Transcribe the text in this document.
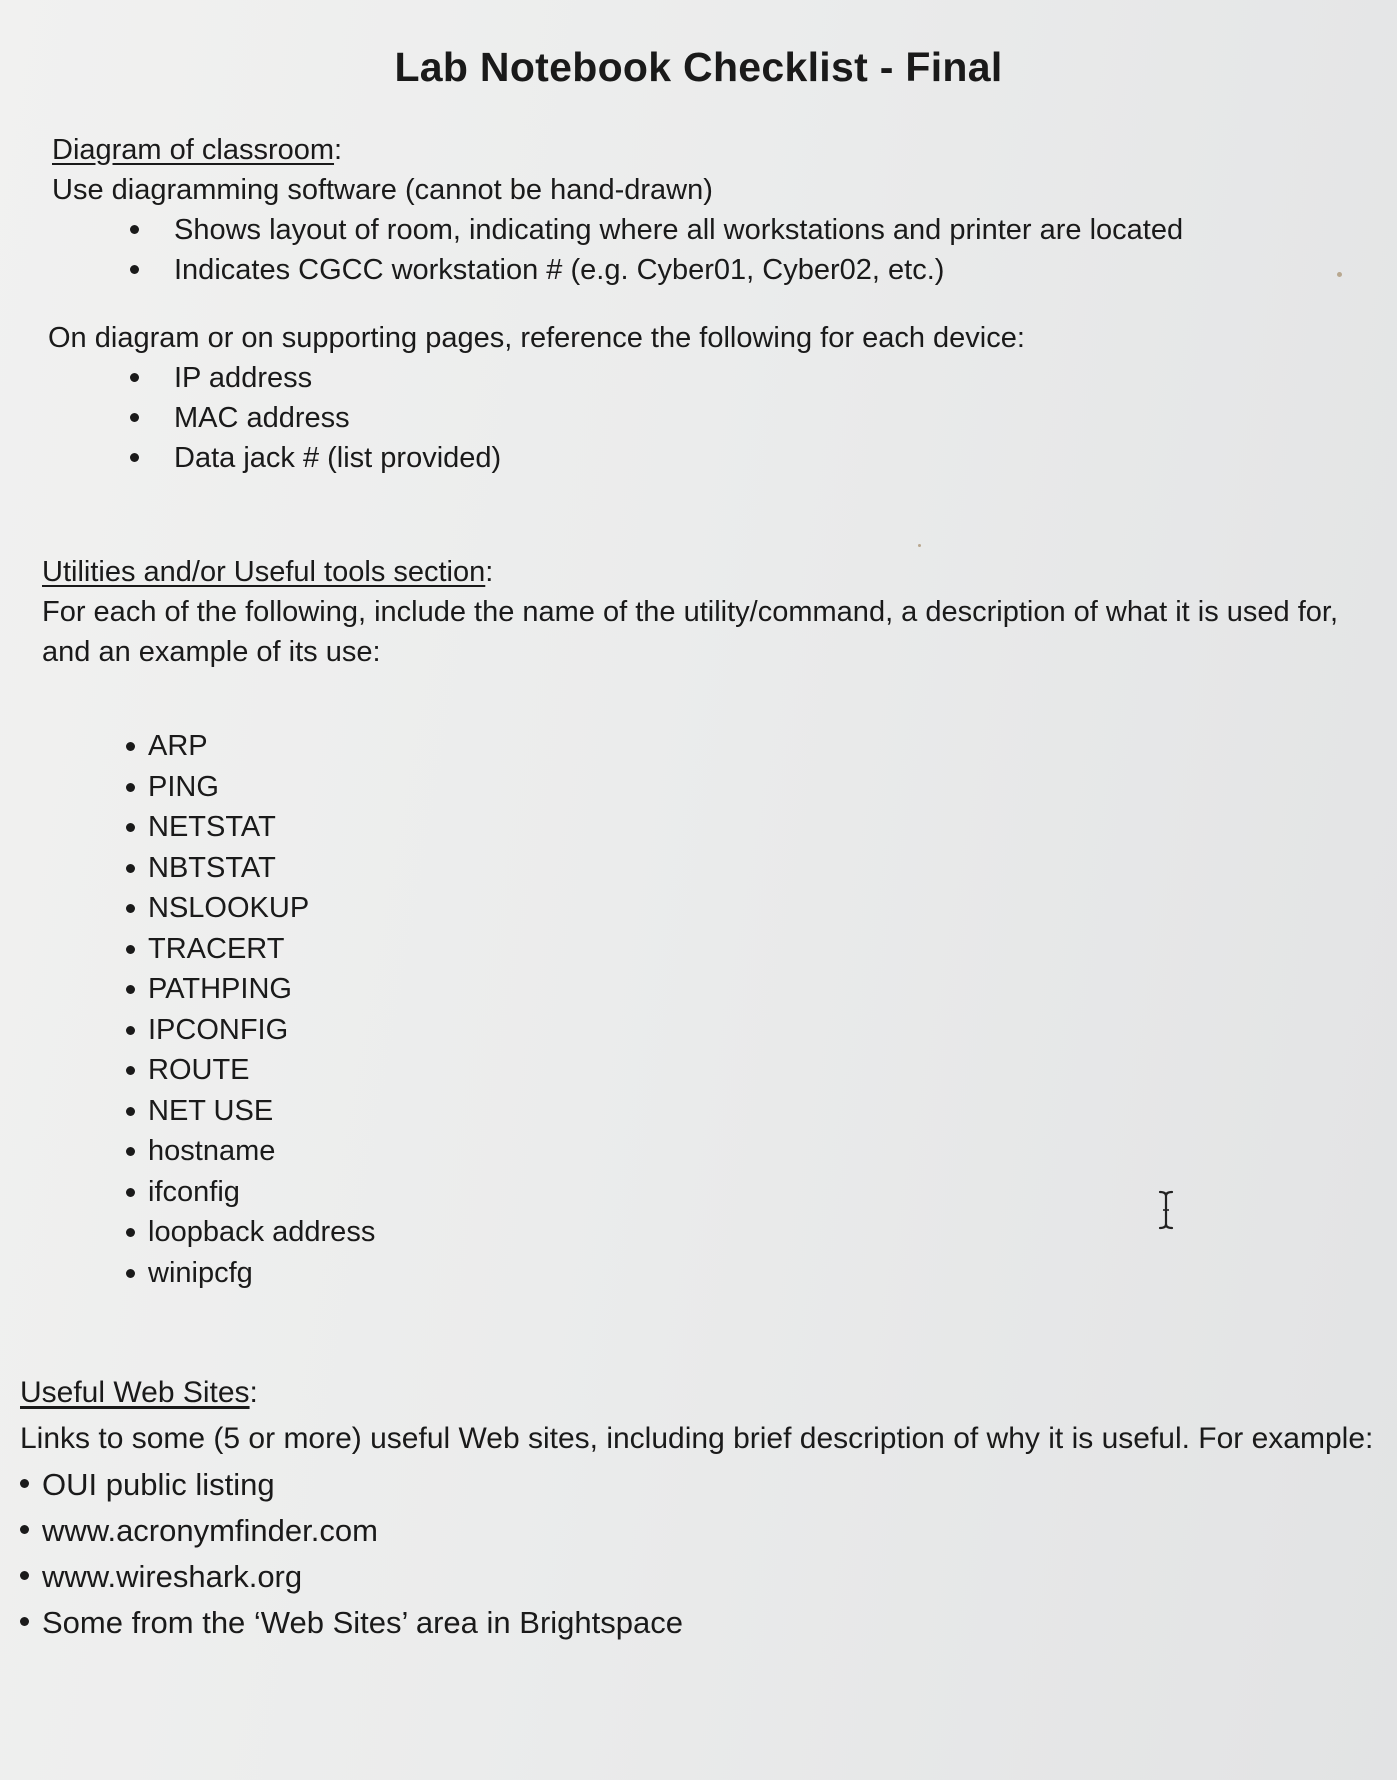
Lab Notebook Checklist - Final
Diagram of classroom:
Use diagramming software (cannot be hand-drawn)
Shows layout of room, indicating where all workstations and printer are located
Indicates CGCC workstation # (e.g. Cyber01, Cyber02, etc.)
On diagram or on supporting pages, reference the following for each device:
IP address
MAC address
Data jack # (list provided)
Utilities and/or Useful tools section:
For each of the following, include the name of the utility/command, a description of what it is used for, and an example of its use:
ARP
PING
NETSTAT
NBTSTAT
NSLOOKUP
TRACERT
PATHPING
IPCONFIG
ROUTE
NET USE
hostname
ifconfig
loopback address
winipcfg
Useful Web Sites:
Links to some (5 or more) useful Web sites, including brief description of why it is useful. For example:
OUI public listing
www.acronymfinder.com
www.wireshark.org
Some from the ‘Web Sites’ area in Brightspace
